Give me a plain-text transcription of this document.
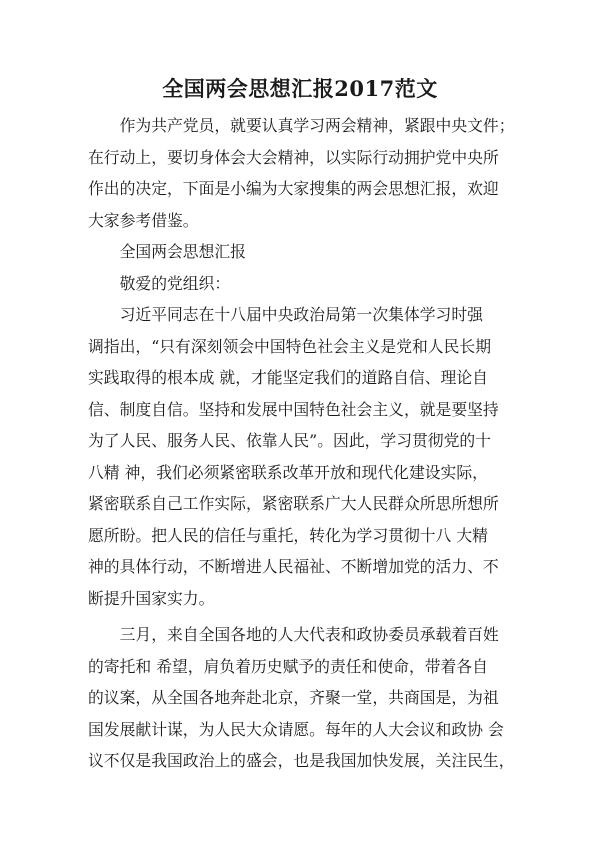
全国两会思想汇报2017范文
　　作为共产党员，就要认真学习两会精神，紧跟中央文件；
在行动上，要切身体会大会精神，以实际行动拥护党中央所
作出的决定，下面是小编为大家搜集的两会思想汇报，欢迎
大家参考借鉴。
　　全国两会思想汇报
　　敬爱的党组织：
　　习近平同志在十八届中央政治局第一次集体学习时强
调指出，“只有深刻领会中国特色社会主义是党和人民长期
实践取得的根本成 就，才能坚定我们的道路自信、理论自
信、制度自信。坚持和发展中国特色社会主义，就是要坚持
为了人民、服务人民、依靠人民”。因此，学习贯彻党的十
八精 神，我们必须紧密联系改革开放和现代化建设实际，
紧密联系自己工作实际，紧密联系广大人民群众所思所想所
愿所盼。把人民的信任与重托，转化为学习贯彻十八 大精
神的具体行动，不断增进人民福祉、不断增加党的活力、不
断提升国家实力。
　　三月，来自全国各地的人大代表和政协委员承载着百姓
的寄托和 希望，肩负着历史赋予的责任和使命，带着各自
的议案，从全国各地奔赴北京，齐聚一堂，共商国是，为祖
国发展献计谋，为人民大众请愿。每年的人大会议和政协 会
议不仅是我国政治上的盛会，也是我国加快发展，关注民生，
